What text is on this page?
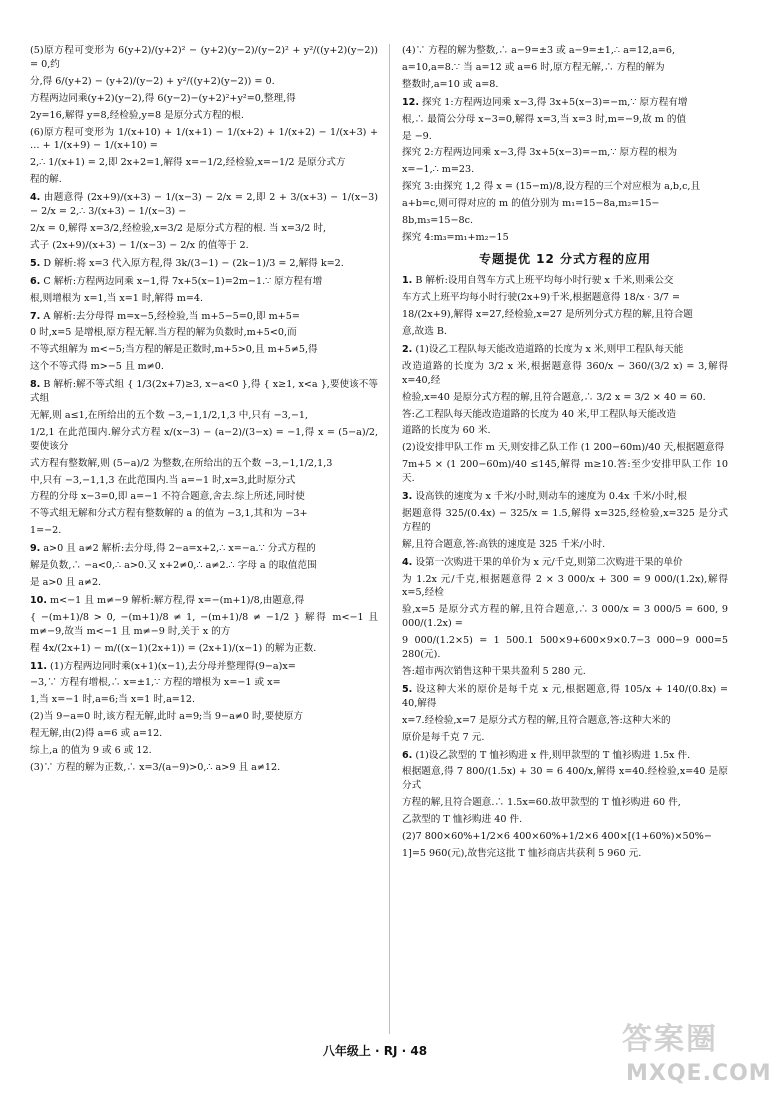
(5)原方程可变形为 6(y+2)/(y+2)² − (y+2)(y−2)/(y−2)² + y²/((y+2)(y−2)) = 0,约

分,得 6/(y+2) − (y+2)/(y−2) + y²/((y+2)(y−2)) = 0.

方程两边同乘(y+2)(y−2),得 6(y−2)−(y+2)²+y²=0,整理,得

2y=16,解得 y=8,经检验,y=8 是原分式方程的根.

(6)原方程可变形为 1/(x+10) + 1/(x+1) − 1/(x+2) + 1/(x+2) − 1/(x+3) + … + 1/(x+9) − 1/(x+10) =

2,∴ 1/(x+1) = 2,即 2x+2=1,解得 x=−1/2,经检验,x=−1/2 是原分式方

程的解.

4. 由题意得 (2x+9)/(x+3) − 1/(x−3) − 2/x = 2,即 2 + 3/(x+3) − 1/(x−3) − 2/x = 2,∴ 3/(x+3) − 1/(x−3) −

2/x = 0,解得 x=3/2,经检验,x=3/2 是原分式方程的根. 当 x=3/2 时,

式子 (2x+9)/(x+3) − 1/(x−3) − 2/x 的值等于 2.

5. D 解析:将 x=3 代入原方程,得 3k/(3−1) − (2k−1)/3 = 2,解得 k=2.

6. C 解析:方程两边同乘 x−1,得 7x+5(x−1)=2m−1.∵ 原方程有增

根,则增根为 x=1,当 x=1 时,解得 m=4.

7. A 解析:去分母得 m=x−5,经检验,当 m+5−5=0,即 m+5=

0 时,x=5 是增根,原方程无解.当方程的解为负数时,m+5<0,而

不等式组解为 m<−5;当方程的解是正数时,m+5>0,且 m+5≠5,得

这个不等式得 m>−5 且 m≠0.

8. B 解析:解不等式组 { 1/3(2x+7)≥3, x−a<0 },得 { x≥1, x<a },要使该不等式组

无解,则 a≤1,在所给出的五个数 −3,−1,1/2,1,3 中,只有 −3,−1,

1/2,1 在此范围内.解分式方程 x/(x−3) − (a−2)/(3−x) = −1,得 x = (5−a)/2,要使该分

式方程有整数解,则 (5−a)/2 为整数,在所给出的五个数 −3,−1,1/2,1,3

中,只有 −3,−1,1,3 在此范围内.当 a=−1 时,x=3,此时原分式

方程的分母 x−3=0,即 a=−1 不符合题意,舍去.综上所述,同时使

不等式组无解和分式方程有整数解的 a 的值为 −3,1,其和为 −3+

1=−2.

9. a>0 且 a≠2 解析:去分母,得 2−a=x+2,∴ x=−a.∵ 分式方程的

解是负数,∴ −a<0,∴ a>0.又 x+2≠0,∴ a≠2.∴ 字母 a 的取值范围

是 a>0 且 a≠2.

10. m<−1 且 m≠−9 解析:解方程,得 x=−(m+1)/8,由题意,得

{ −(m+1)/8 > 0, −(m+1)/8 ≠ 1, −(m+1)/8 ≠ −1/2 } 解得 m<−1 且 m≠−9,故当 m<−1 且 m≠−9 时,关于 x 的方

程 4x/(2x+1) − m/((x−1)(2x+1)) = (2x+1)/(x−1) 的解为正数.

11. (1)方程两边同时乘(x+1)(x−1),去分母并整理得(9−a)x=

−3,∵ 方程有增根,∴ x=±1,∵ 方程的增根为 x=−1 或 x=

1,当 x=−1 时,a=6;当 x=1 时,a=12.

(2)当 9−a=0 时,该方程无解,此时 a=9;当 9−a≠0 时,要使原方

程无解,由(2)得 a=6 或 a=12.

综上,a 的值为 9 或 6 或 12.

(3)∵ 方程的解为正数,∴ x=3/(a−9)>0,∴ a>9 且 a≠12.

(4)∵ 方程的解为整数,∴ a−9=±3 或 a−9=±1,∴ a=12,a=6,

a=10,a=8.∵ 当 a=12 或 a=6 时,原方程无解,∴ 方程的解为

整数时,a=10 或 a=8.

12. 探究 1:方程两边同乘 x−3,得 3x+5(x−3)=−m,∵ 原方程有增

根,∴ 最简公分母 x−3=0,解得 x=3,当 x=3 时,m=−9,故 m 的值

是 −9.

探究 2:方程两边同乘 x−3,得 3x+5(x−3)=−m,∵ 原方程的根为

x=−1,∴ m=23.

探究 3:由探究 1,2 得 x = (15−m)/8,设方程的三个对应根为 a,b,c,且

a+b=c,则可得对应的 m 的值分别为 m₁=15−8a,m₂=15−

8b,m₃=15−8c.

探究 4:m₃=m₁+m₂−15

专题提优 12 分式方程的应用

1. B 解析:设用自驾车方式上班平均每小时行驶 x 千米,则乘公交

车方式上班平均每小时行驶(2x+9)千米,根据题意得 18/x · 3/7 =

18/(2x+9),解得 x=27,经检验,x=27 是所列分式方程的解,且符合题

意,故选 B.

2. (1)设乙工程队每天能改造道路的长度为 x 米,则甲工程队每天能

改造道路的长度为 3/2 x 米,根据题意得 360/x − 360/(3/2 x) = 3,解得 x=40,经

检验,x=40 是原分式方程的解,且符合题意,∴ 3/2 x = 3/2 × 40 = 60.

答:乙工程队每天能改造道路的长度为 40 米,甲工程队每天能改造

道路的长度为 60 米.

(2)设安排甲队工作 m 天,则安排乙队工作 (1 200−60m)/40 天,根据题意得

7m+5 × (1 200−60m)/40 ≤145,解得 m≥10.答:至少安排甲队工作 10 天.

3. 设高铁的速度为 x 千米/小时,则动车的速度为 0.4x 千米/小时,根

据题意得 325/(0.4x) − 325/x = 1.5,解得 x=325,经检验,x=325 是分式方程的

解,且符合题意,答:高铁的速度是 325 千米/小时.

4. 设第一次购进干果的单价为 x 元/千克,则第二次购进干果的单价

为 1.2x 元/千克,根据题意得 2 × 3 000/x + 300 = 9 000/(1.2x),解得 x=5,经检

验,x=5 是原分式方程的解,且符合题意,∴ 3 000/x = 3 000/5 = 600, 9 000/(1.2x) =

9 000/(1.2×5) = 1 500.1 500×9+600×9×0.7−3 000−9 000=5 280(元).

答:超市两次销售这种干果共盈利 5 280 元.

5. 设这种大米的原价是每千克 x 元,根据题意,得 105/x + 140/(0.8x) = 40,解得

x=7.经检验,x=7 是原分式方程的解,且符合题意,答:这种大米的

原价是每千克 7 元.

6. (1)设乙款型的 T 恤衫购进 x 件,则甲款型的 T 恤衫购进 1.5x 件.

根据题意,得 7 800/(1.5x) + 30 = 6 400/x,解得 x=40.经检验,x=40 是原分式

方程的解,且符合题意.∴ 1.5x=60.故甲款型的 T 恤衫购进 60 件,

乙款型的 T 恤衫购进 40 件.

(2)7 800×60%+1/2×6 400×60%+1/2×6 400×[(1+60%)×50%−

1]=5 960(元),故售完这批 T 恤衫商店共获利 5 960 元.

八年级上 · RJ · 48	答案圈
MXQE.COM
